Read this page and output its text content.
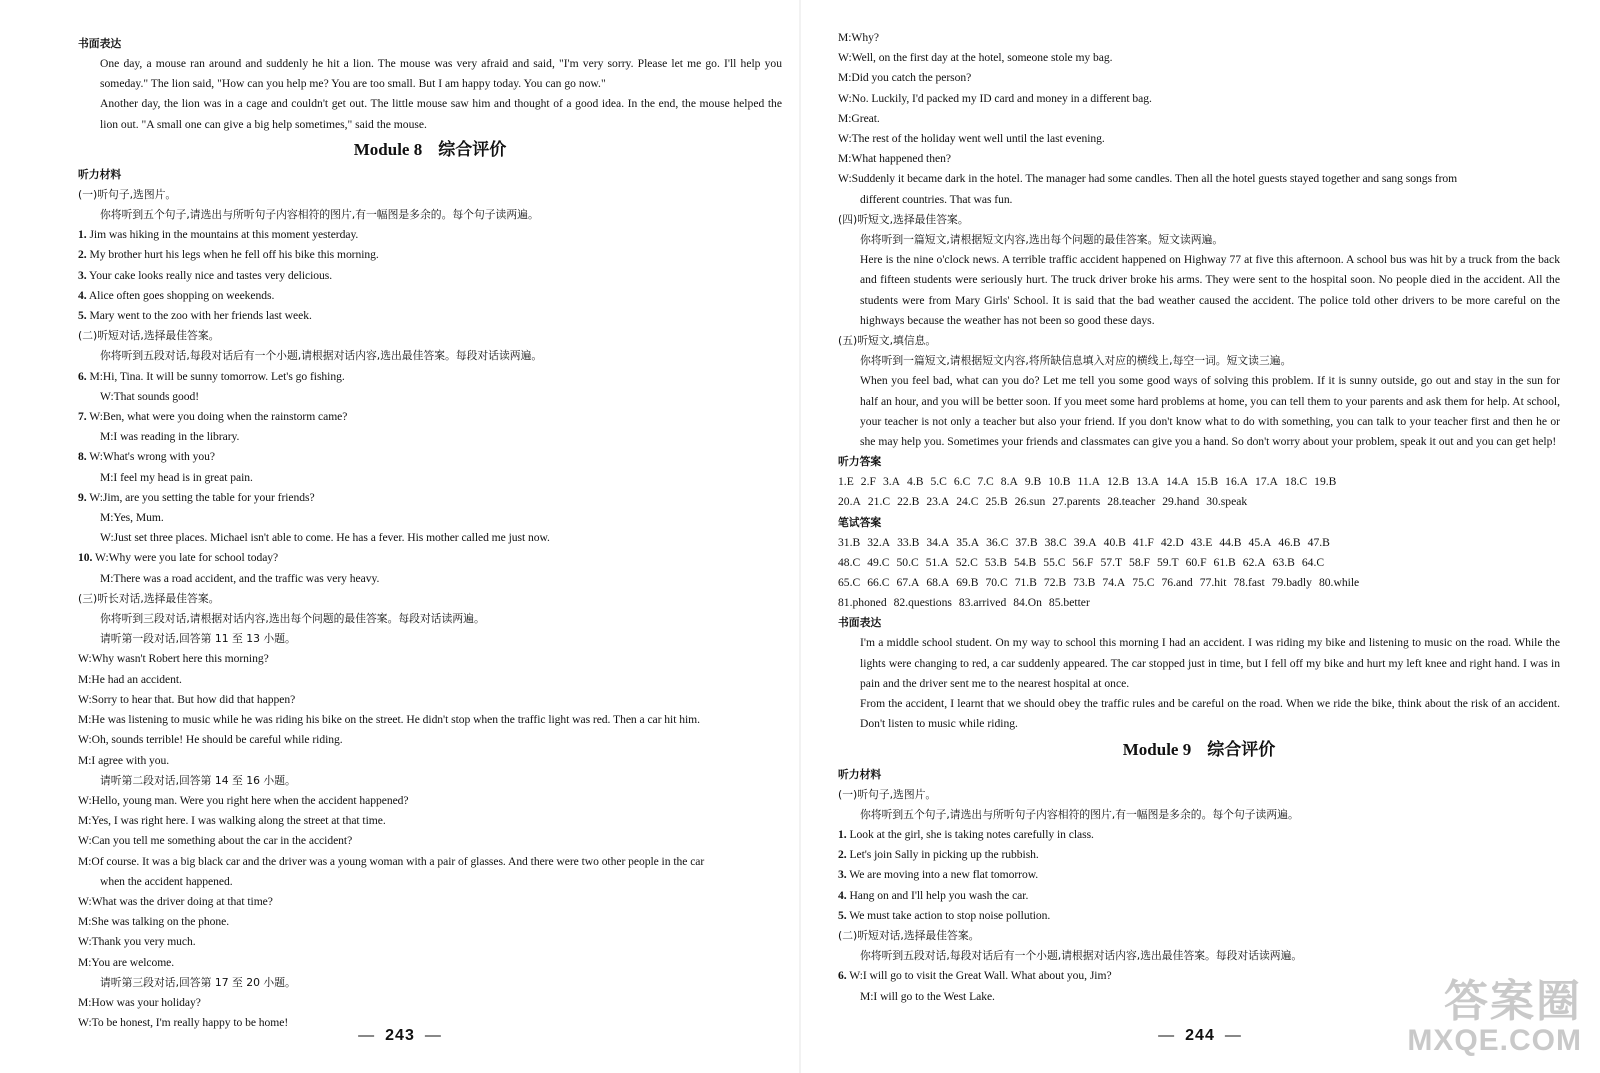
书面表达
One day, a mouse ran around and suddenly he hit a lion. The mouse was very afraid and said, "I'm very sorry. Please let me go. I'll help you someday." The lion said, "How can you help me? You are too small. But I am happy today. You can go now."
Another day, the lion was in a cage and couldn't get out. The little mouse saw him and thought of a good idea. In the end, the mouse helped the lion out. "A small one can give a big help sometimes," said the mouse.
Module 8 综合评价
听力材料
(一)听句子,选图片。
你将听到五个句子,请选出与所听句子内容相符的图片,有一幅图是多余的。每个句子读两遍。
1. Jim was hiking in the mountains at this moment yesterday.
2. My brother hurt his legs when he fell off his bike this morning.
3. Your cake looks really nice and tastes very delicious.
4. Alice often goes shopping on weekends.
5. Mary went to the zoo with her friends last week.
(二)听短对话,选择最佳答案。
你将听到五段对话,每段对话后有一个小题,请根据对话内容,选出最佳答案。每段对话读两遍。
6. M:Hi, Tina. It will be sunny tomorrow. Let's go fishing.
W:That sounds good!
7. W:Ben, what were you doing when the rainstorm came?
M:I was reading in the library.
8. W:What's wrong with you?
M:I feel my head is in great pain.
9. W:Jim, are you setting the table for your friends?
M:Yes, Mum.
W:Just set three places. Michael isn't able to come. He has a fever. His mother called me just now.
10. W:Why were you late for school today?
M:There was a road accident, and the traffic was very heavy.
(三)听长对话,选择最佳答案。
你将听到三段对话,请根据对话内容,选出每个问题的最佳答案。每段对话读两遍。
请听第一段对话,回答第 11 至 13 小题。
W:Why wasn't Robert here this morning?
M:He had an accident.
W:Sorry to hear that. But how did that happen?
M:He was listening to music while he was riding his bike on the street. He didn't stop when the traffic light was red. Then a car hit him.
W:Oh, sounds terrible! He should be careful while riding.
M:I agree with you.
请听第二段对话,回答第 14 至 16 小题。
W:Hello, young man. Were you right here when the accident happened?
M:Yes, I was right here. I was walking along the street at that time.
W:Can you tell me something about the car in the accident?
M:Of course. It was a big black car and the driver was a young woman with a pair of glasses. And there were two other people in the car
when the accident happened.
W:What was the driver doing at that time?
M:She was talking on the phone.
W:Thank you very much.
M:You are welcome.
请听第三段对话,回答第 17 至 20 小题。
M:How was your holiday?
W:To be honest, I'm really happy to be home!
— 243 —
M:Why?
W:Well, on the first day at the hotel, someone stole my bag.
M:Did you catch the person?
W:No. Luckily, I'd packed my ID card and money in a different bag.
M:Great.
W:The rest of the holiday went well until the last evening.
M:What happened then?
W:Suddenly it became dark in the hotel. The manager had some candles. Then all the hotel guests stayed together and sang songs from
different countries. That was fun.
(四)听短文,选择最佳答案。
你将听到一篇短文,请根据短文内容,选出每个问题的最佳答案。短文读两遍。
Here is the nine o'clock news. A terrible traffic accident happened on Highway 77 at five this afternoon. A school bus was hit by a truck from the back and fifteen students were seriously hurt. The truck driver broke his arms. They were sent to the hospital soon. No people died in the accident. All the students were from Mary Girls' School. It is said that the bad weather caused the accident. The police told other drivers to be more careful on the highways because the weather has not been so good these days.
(五)听短文,填信息。
你将听到一篇短文,请根据短文内容,将所缺信息填入对应的横线上,每空一词。短文读三遍。
When you feel bad, what can you do? Let me tell you some good ways of solving this problem. If it is sunny outside, go out and stay in the sun for half an hour, and you will be better soon. If you meet some hard problems at home, you can tell them to your parents and ask them for help. At school, your teacher is not only a teacher but also your friend. If you don't know what to do with something, you can talk to your teacher first and then he or she may help you. Sometimes your friends and classmates can give you a hand. So don't worry about your problem, speak it out and you can get help!
听力答案
1.E 2.F 3.A 4.B 5.C 6.C 7.C 8.A 9.B 10.B 11.A 12.B 13.A 14.A 15.B 16.A 17.A 18.C 19.B
20.A 21.C 22.B 23.A 24.C 25.B 26.sun 27.parents 28.teacher 29.hand 30.speak
笔试答案
31.B 32.A 33.B 34.A 35.A 36.C 37.B 38.C 39.A 40.B 41.F 42.D 43.E 44.B 45.A 46.B 47.B
48.C 49.C 50.C 51.A 52.C 53.B 54.B 55.C 56.F 57.T 58.F 59.T 60.F 61.B 62.A 63.B 64.C
65.C 66.C 67.A 68.A 69.B 70.C 71.B 72.B 73.B 74.A 75.C 76.and 77.hit 78.fast 79.badly 80.while
81.phoned 82.questions 83.arrived 84.On 85.better
书面表达
I'm a middle school student. On my way to school this morning I had an accident. I was riding my bike and listening to music on the road. While the lights were changing to red, a car suddenly appeared. The car stopped just in time, but I fell off my bike and hurt my left knee and right hand. I was in pain and the driver sent me to the nearest hospital at once.
From the accident, I learnt that we should obey the traffic rules and be careful on the road. When we ride the bike, think about the risk of an accident. Don't listen to music while riding.
Module 9 综合评价
听力材料
(一)听句子,选图片。
你将听到五个句子,请选出与所听句子内容相符的图片,有一幅图是多余的。每个句子读两遍。
1. Look at the girl, she is taking notes carefully in class.
2. Let's join Sally in picking up the rubbish.
3. We are moving into a new flat tomorrow.
4. Hang on and I'll help you wash the car.
5. We must take action to stop noise pollution.
(二)听短对话,选择最佳答案。
你将听到五段对话,每段对话后有一个小题,请根据对话内容,选出最佳答案。每段对话读两遍。
6. W:I will go to visit the Great Wall. What about you, Jim?
M:I will go to the West Lake.
— 244 —
答案圈
MXQE.COM
